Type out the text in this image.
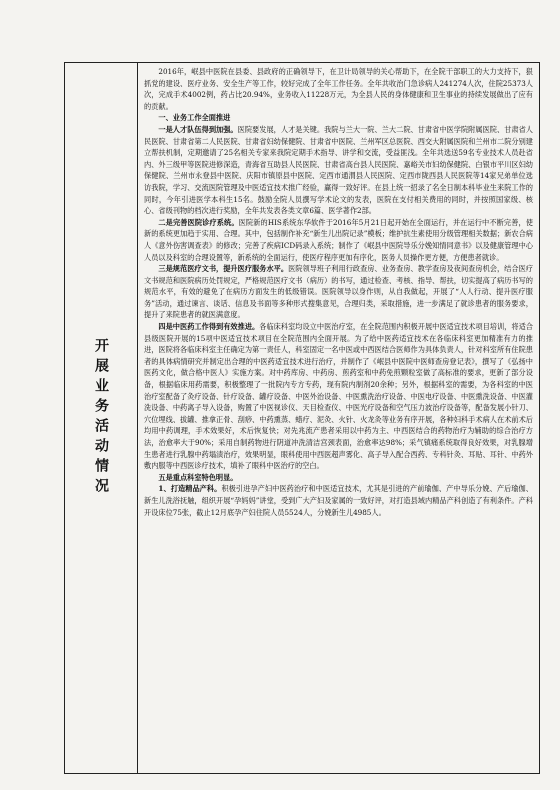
开展业务活动情况

2016年，岷县中医院在县委、县政府的正确领导下，在卫计局领导的关心帮助下，在全院干部职工的大力支持下，狠抓党的建设、医疗业务、安全生产等工作，较好完成了全年工作任务。全年共收治门急诊病人241274人次，住院25373人次，完成手术4002例，药占比20.94%，业务收入11228万元，为全县人民的身体健康和卫生事业的持续发展做出了应有的贡献。

一、业务工作全面推进

一是人才队伍得到加强。医院要发展，人才是关键。我院与兰大一院、兰大二院、甘肃省中医学院附属医院、甘肃省人民医院、甘肃省第二人民医院、甘肃省妇幼保健院、甘肃省中医院、兰州军区总医院、西交大附属医院和兰州市二院分别建立帮扶机制，定期邀请了25名相关专家来我院定期手术指导、讲学和交流，受益匪浅。全年共选送59名专业技术人员赴省内、外三级甲等医院进修深造，青海省互助县人民医院、甘肃省高台县人民医院、嘉峪关市妇幼保健院、白银市平川区妇幼保健院、兰州市永登县中医院、庆阳市镇原县中医院、定西市通渭县人民医院、定西市陇西县人民医院等14家兄弟单位选访我院，学习、交流医院管理及中医适宜技术推广经验，赢得一致好评。在县上统一招录了名全日制本科毕业生来院工作的同时，今年引进医学本科生15名。鼓励全院人员撰写学术论文的发表，医院在支付相关费用的同时，并按照国家级、核心、省级刊物的档次进行奖励，全年共发表各类文章6篇、医学著作2部。

二是完善医院诊疗系统。医院新的HIS系统东华软件于2016年5月21日起开始在全面运行，并在运行中不断完善，使新的系统更加趋于实用、合理。其中，包括制作补充“新生儿出院记录”模板；维护抗生素使用分级管理相关数据；新农合病人《意外伤害调查表》的修改；完善了疾病ICD码录入系统；制作了《岷县中医院导乐分娩知情同意书》以及健康管理中心人员以及科室的合理设置等，新系统的全面运行，使医疗程序更加有序化，医务人员操作更方便，方便患者就诊。

三是规范医疗文书，提升医疗服务水平。医院领导班子利用行政查房、业务查房、教学查房及夜间查房机会，结合医疗文书规范和医院病历处罚规定，严格规范医疗文书（病历）的书写，通过检查、考核、指导、帮扶，切实提高了病历书写的规范水平，有效的避免了在病历方面发生的低级错误。医院领导以身作则，从自我做起，开展了“人人行动、提升医疗服务”活动，通过谏言、谈话、信息及书面等多种形式搜集意见，合理归类，采取措施，进一步满足了就诊患者的服务要求，提升了来院患者的就医满意度。

四是中医药工作得到有效推进。各临床科室均设立中医治疗室，在全院范围内积极开展中医适宜技术项目培训，将适合县级医院开展的15项中医适宜技术项目在全院范围内全面开展。为了给中医药适宜技术在各临床科室更加精准有力的推进，医院将各临床科室主任确定为第一责任人，科室固定一名中医或中西医结合医师作为具体负责人，针对科室所有住院患者的具体病情研究并制定出合理的中医药适宜技术进行治疗，并制作了《岷县中医院中医师查房登记表》，撰写了《弘扬中医药文化，做合格中医人》实施方案。对中药库房、中药房、煎药室和中药免煎颗粒室做了高标准的要求，更新了部分设备，根据临床用药需要，积极整理了一批院内专方专药，现有院内制剂20余种；另外，根据科室的需要，为各科室的中医治疗室配备了灸疗设备、针疗设备、罐疗设备、中医外治设备、中医熏洗治疗设备、中医电疗设备、中医熏洗设备、中医灌洗设备、中药离子导入设备，购置了中医视诊仪、天目检查仪、中医光疗设备和空气压力波治疗设备等，配备发展小针刀、穴位埋线、拔罐、推拿正骨、刮痧、中药熏蒸、蜡疗、泥灸、火针、火龙灸等业务有序开展，各种妇科手术病人在术前术后均用中药调理，手术效果好，术后恢复快；对先兆流产患者采用以中药为主、中西医结合的药物治疗为辅助的综合治疗方法，治愈率大于90%；采用自制药物进行阴道冲洗清洁宫颈表面，治愈率达98%；采气镇痛系统取得良好效果，对乳腺增生患者进行乳腺中药塌渍治疗，效果明显，眼科使用中西医超声雾化、高子导入配合西药、专科针灸、耳贴、耳针、中药外敷内服等中西医诊疗技术，填补了眼科中医治疗的空白。

五是重点科室特色明显。

1、打造精品产科。积极引进孕产妇中医药治疗和中医适宜技术，尤其是引进的产前瑜伽、产中导乐分娩、产后瑜伽、新生儿洗浴抚触，组织开展“孕妈妈”讲堂，受到广大产妇及家属的一致好评，对打造县域内精品产科创造了有利条件。产科开设床位75张，截止12月底孕产妇住院人员5524人，分娩新生儿4985人。
